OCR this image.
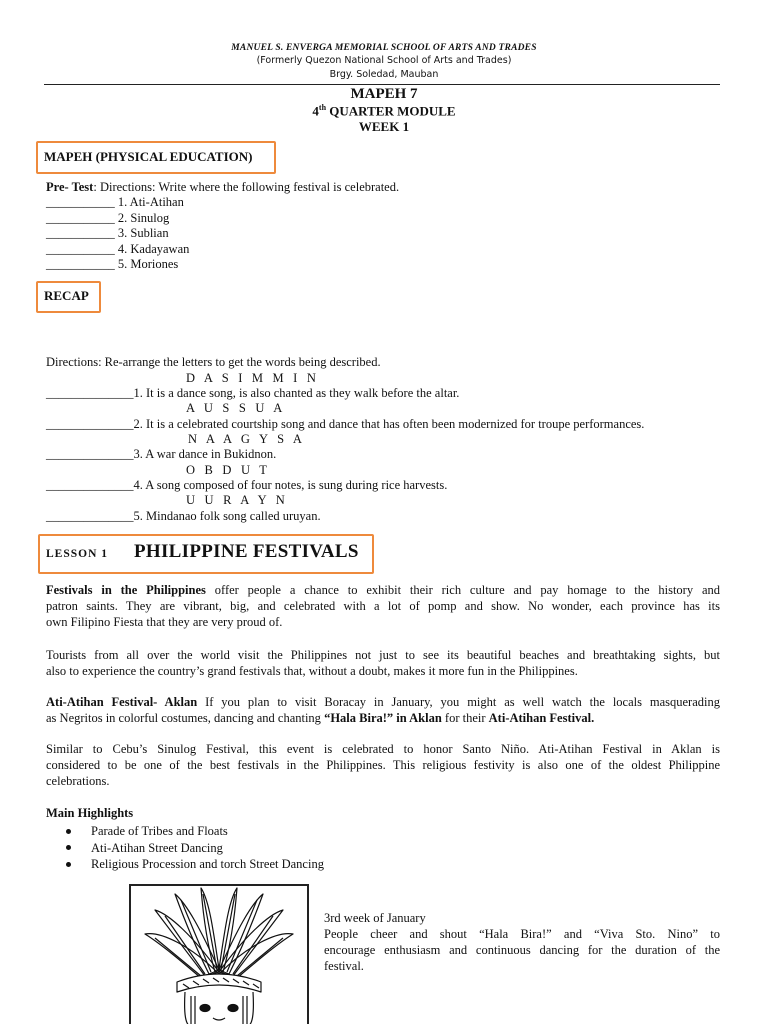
MANUEL S. ENVERGA MEMORIAL SCHOOL OF ARTS AND TRADES
(Formerly Quezon National School of Arts and Trades)
Brgy. Soledad, Mauban
MAPEH 7
4th QUARTER MODULE
WEEK 1
MAPEH (PHYSICAL EDUCATION)
Pre- Test: Directions: Write where the following festival is celebrated.
___________ 1. Ati-Atihan
___________ 2. Sinulog
___________ 3. Sublian
___________ 4. Kadayawan
___________ 5. Moriones
RECAP
Directions: Re-arrange the letters to get the words being described.
D A S I M M I N
______________1. It is a dance song, is also chanted as they walk before the altar.
A U S S U A
______________2. It is a celebrated courtship song and dance that has often been modernized for troupe performances.
N A A G Y S A
______________3. A war dance in Bukidnon.
O B D U T
______________4. A song composed of four notes, is sung during rice harvests.
U U R A Y N
______________5. Mindanao folk song called uruyan.
LESSON 1 PHILIPPINE FESTIVALS
Festivals in the Philippines offer people a chance to exhibit their rich culture and pay homage to the history and
patron saints. They are vibrant, big, and celebrated with a lot of pomp and show. No wonder, each province has its
own Filipino Fiesta that they are very proud of.
Tourists from all over the world visit the Philippines not just to see its beautiful beaches and breathtaking sights, but
also to experience the country’s grand festivals that, without a doubt, makes it more fun in the Philippines.
Ati-Atihan Festival- Aklan If you plan to visit Boracay in January, you might as well watch the locals masquerading
as Negritos in colorful costumes, dancing and chanting “Hala Bira!” in Aklan for their Ati-Atihan Festival.
Similar to Cebu’s Sinulog Festival, this event is celebrated to honor Santo Niño. Ati-Atihan Festival in Aklan is
considered to be one of the best festivals in the Philippines. This religious festivity is also one of the oldest Philippine
celebrations.
Main Highlights
Parade of Tribes and Floats
Ati-Atihan Street Dancing
Religious Procession and torch Street Dancing
3rd week of January
People cheer and shout “Hala Bira!” and “Viva Sto. Nino” to
encourage enthusiasm and continuous dancing for the duration of the
festival.
